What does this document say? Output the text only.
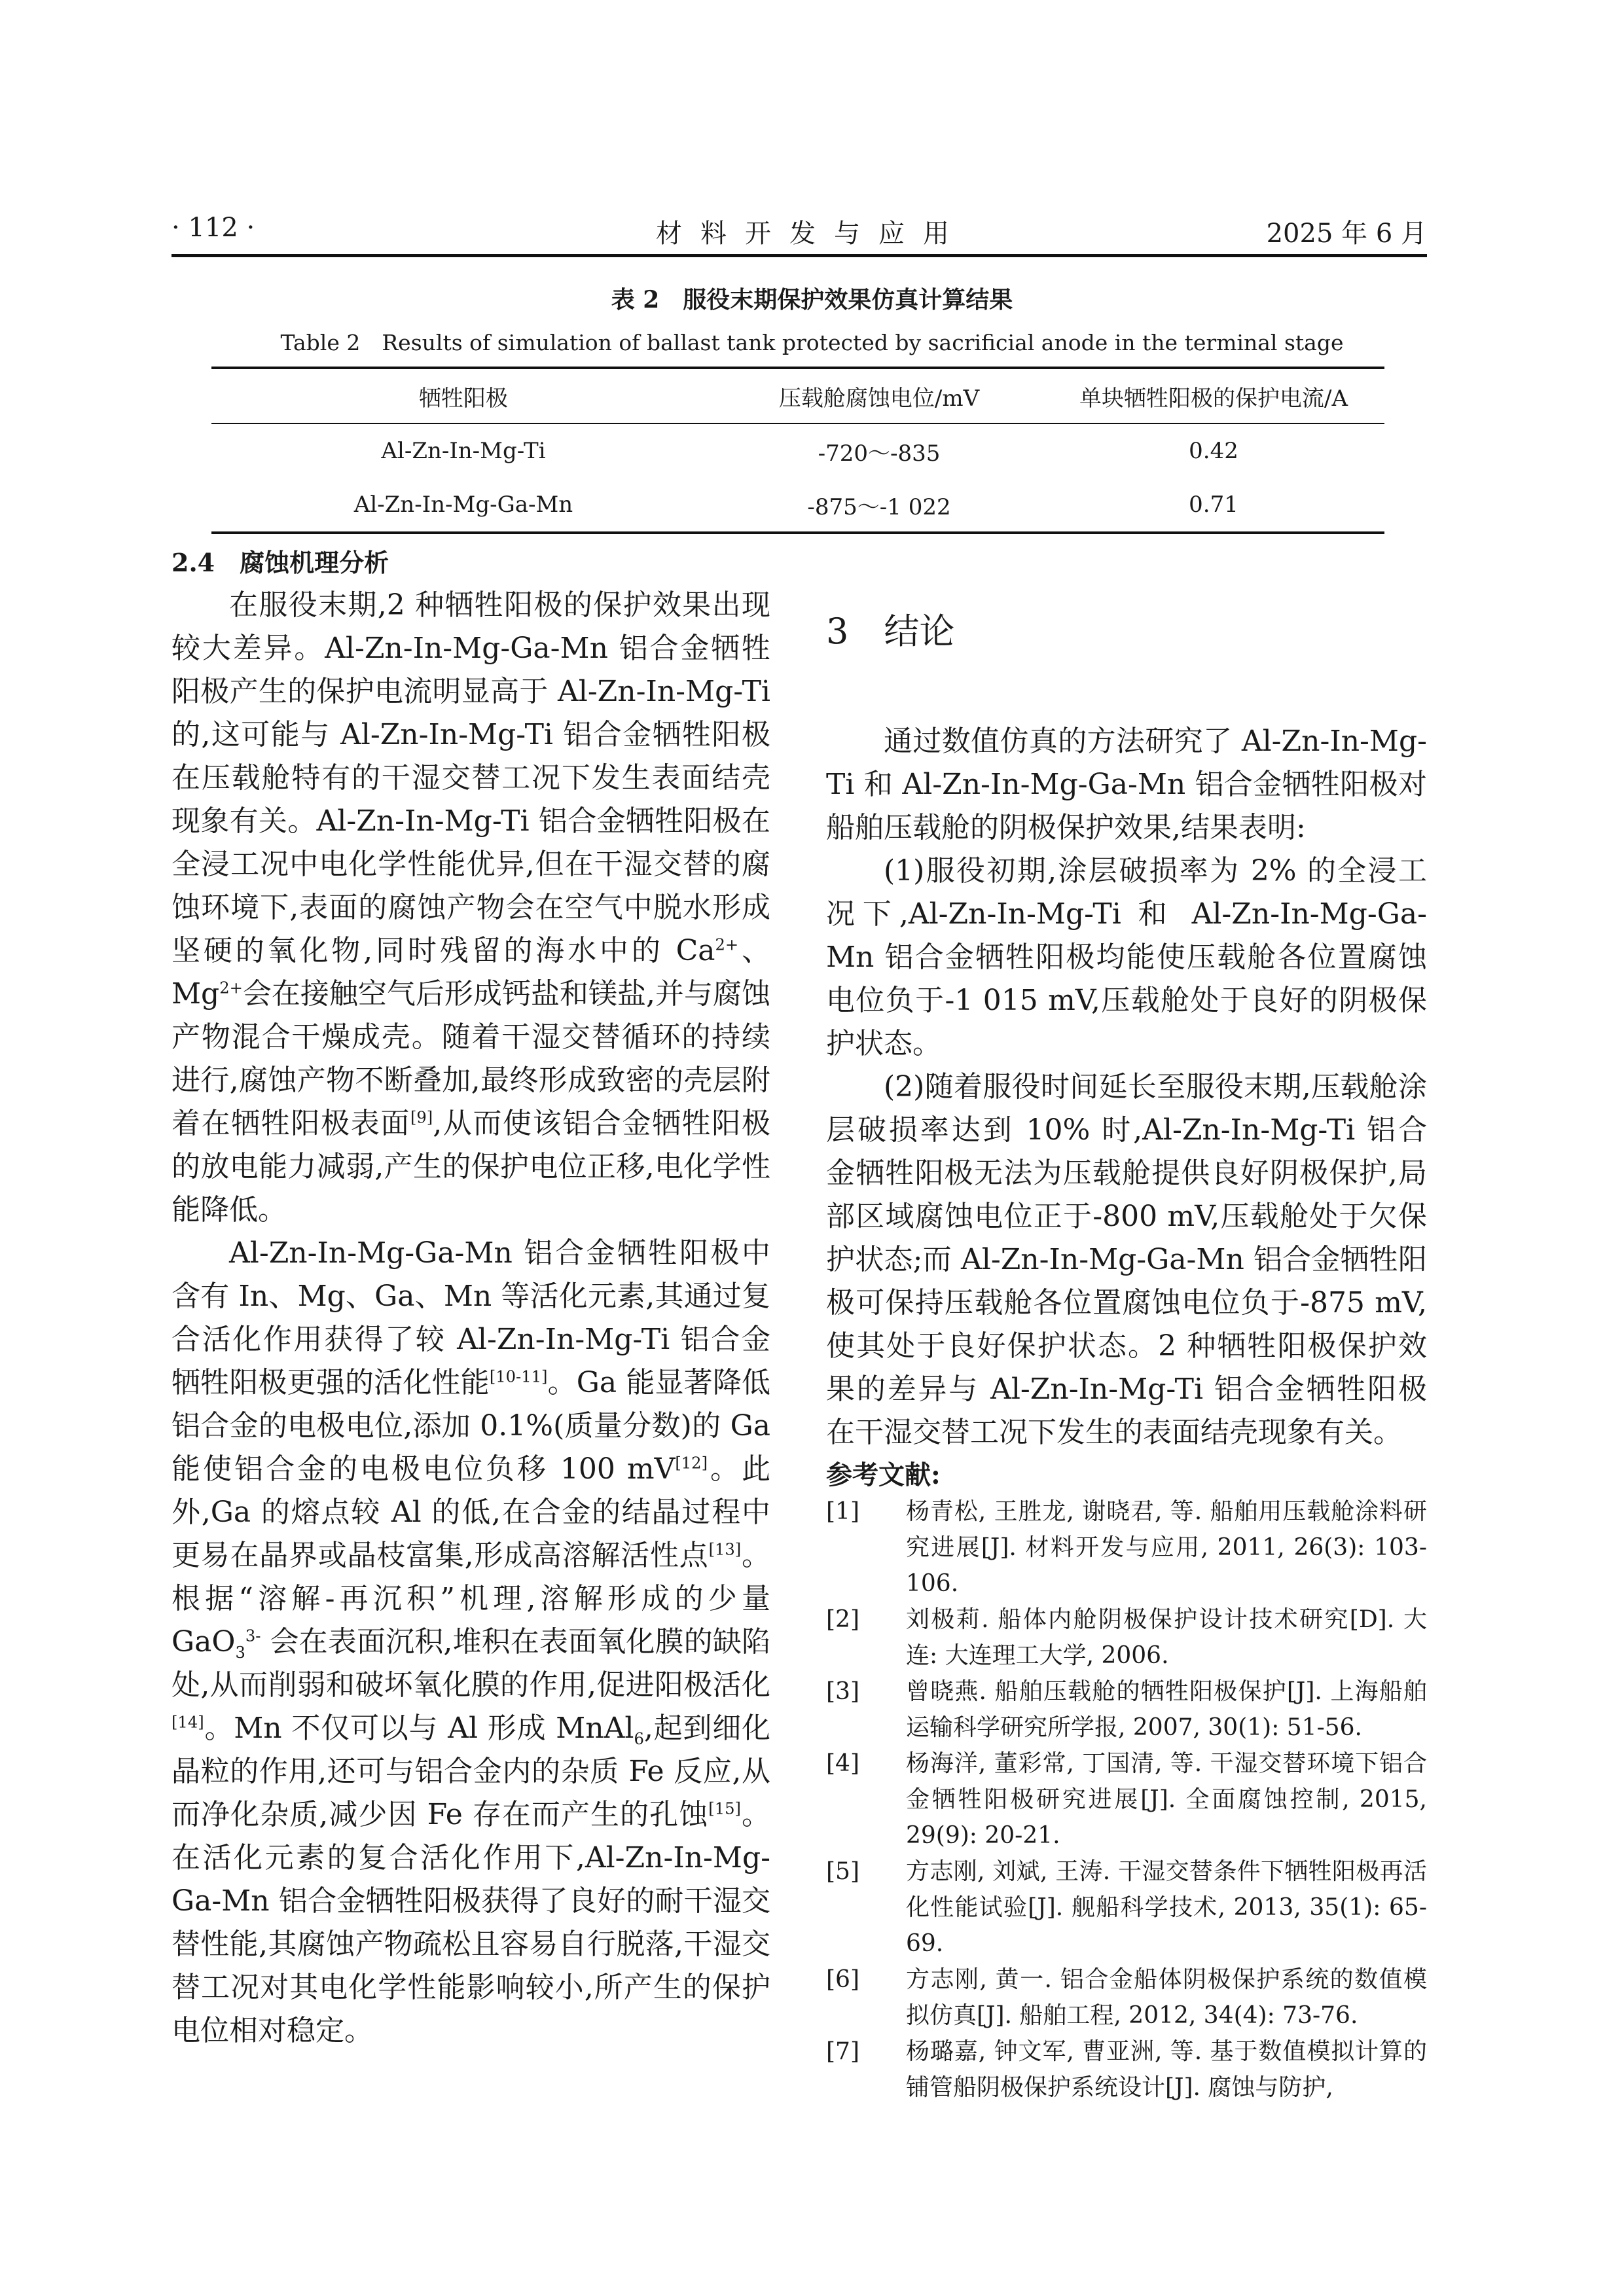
· 112 ·	材料开发与应用	2025 年 6 月
表 2　服役末期保护效果仿真计算结果
Table 2　Results of simulation of ballast tank protected by sacrificial anode in the terminal stage
牺牲阳极	压载舱腐蚀电位/mV	单块牺牲阳极的保护电流/A
Al-Zn-In-Mg-Ti	-720～-835	0.42
Al-Zn-In-Mg-Ga-Mn	-875～-1 022	0.71
2.4　腐蚀机理分析

在服役末期,2 种牺牲阳极的保护效果出现较大差异。Al-Zn-In-Mg-Ga-Mn 铝合金牺牲阳极产生的保护电流明显高于 Al-Zn-In-Mg-Ti 的,这可能与 Al-Zn-In-Mg-Ti 铝合金牺牲阳极在压载舱特有的干湿交替工况下发生表面结壳现象有关。Al-Zn-In-Mg-Ti 铝合金牺牲阳极在全浸工况中电化学性能优异,但在干湿交替的腐蚀环境下,表面的腐蚀产物会在空气中脱水形成坚硬的氧化物,同时残留的海水中的 $Ca^{2+}$、$Mg^{2+}$会在接触空气后形成钙盐和镁盐,并与腐蚀产物混合干燥成壳。随着干湿交替循环的持续进行,腐蚀产物不断叠加,最终形成致密的壳层附着在牺牲阳极表面[9],从而使该铝合金牺牲阳极的放电能力减弱,产生的保护电位正移,电化学性能降低。

Al-Zn-In-Mg-Ga-Mn 铝合金牺牲阳极中含有 In、Mg、Ga、Mn 等活化元素,其通过复合活化作用获得了较 Al-Zn-In-Mg-Ti 铝合金牺牲阳极更强的活化性能[10-11]。Ga 能显著降低铝合金的电极电位,添加 0.1%(质量分数)的 Ga 能使铝合金的电极电位负移 100 mV[12]。此外,Ga 的熔点较 Al 的低,在合金的结晶过程中更易在晶界或晶枝富集,形成高溶解活性点[13]。根据“溶解-再沉积”机理,溶解形成的少量 GaO$_3^{3-}$ 会在表面沉积,堆积在表面氧化膜的缺陷处,从而削弱和破坏氧化膜的作用,促进阳极活化[14]。Mn 不仅可以与 Al 形成 MnAl$_6$,起到细化晶粒的作用,还可与铝合金内的杂质 Fe 反应,从而净化杂质,减少因 Fe 存在而产生的孔蚀[15]。在活化元素的复合活化作用下,Al-Zn-In-Mg-Ga-Mn 铝合金牺牲阳极获得了良好的耐干湿交替性能,其腐蚀产物疏松且容易自行脱落,干湿交替工况对其电化学性能影响较小,所产生的保护电位相对稳定。

3　结论

通过数值仿真的方法研究了 Al-Zn-In-Mg-Ti 和 Al-Zn-In-Mg-Ga-Mn 铝合金牺牲阳极对船舶压载舱的阴极保护效果,结果表明:

(1)服役初期,涂层破损率为 2% 的全浸工况下,Al-Zn-In-Mg-Ti 和 Al-Zn-In-Mg-Ga-Mn 铝合金牺牲阳极均能使压载舱各位置腐蚀电位负于-1 015 mV,压载舱处于良好的阴极保护状态。

(2)随着服役时间延长至服役末期,压载舱涂层破损率达到 10% 时,Al-Zn-In-Mg-Ti 铝合金牺牲阳极无法为压载舱提供良好阴极保护,局部区域腐蚀电位正于-800 mV,压载舱处于欠保护状态;而 Al-Zn-In-Mg-Ga-Mn 铝合金牺牲阳极可保持压载舱各位置腐蚀电位负于-875 mV,使其处于良好保护状态。2 种牺牲阳极保护效果的差异与 Al-Zn-In-Mg-Ti 铝合金牺牲阳极在干湿交替工况下发生的表面结壳现象有关。

参考文献:
[1]	杨青松, 王胜龙, 谢晓君, 等. 船舶用压载舱涂料研究进展[J]. 材料开发与应用, 2011, 26(3): 103-106.
[2]	刘极莉. 船体内舱阴极保护设计技术研究[D]. 大连: 大连理工大学, 2006.
[3]	曾晓燕. 船舶压载舱的牺牲阳极保护[J]. 上海船舶运输科学研究所学报, 2007, 30(1): 51-56.
[4]	杨海洋, 董彩常, 丁国清, 等. 干湿交替环境下铝合金牺牲阳极研究进展[J]. 全面腐蚀控制, 2015, 29(9): 20-21.
[5]	方志刚, 刘斌, 王涛. 干湿交替条件下牺牲阳极再活化性能试验[J]. 舰船科学技术, 2013, 35(1): 65-69.
[6]	方志刚, 黄一. 铝合金船体阴极保护系统的数值模拟仿真[J]. 船舶工程, 2012, 34(4): 73-76.
[7]	杨璐嘉, 钟文军, 曹亚洲, 等. 基于数值模拟计算的铺管船阴极保护系统设计[J]. 腐蚀与防护,
